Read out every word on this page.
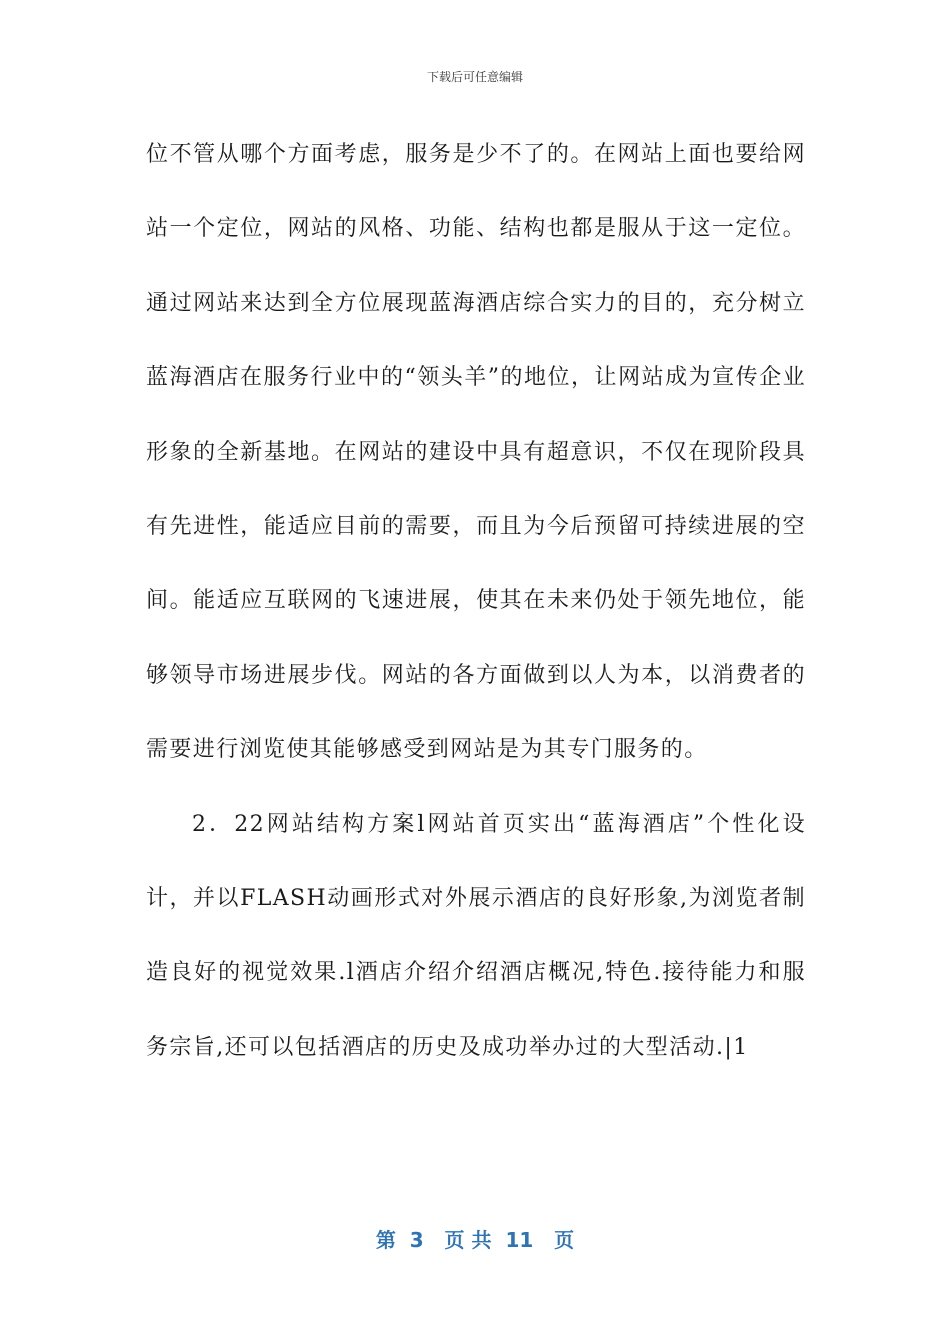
下载后可任意编辑

位不管从哪个方面考虑，服务是少不了的。在网站上面也要给网站一个定位，网站的风格、功能、结构也都是服从于这一定位。通过网站来达到全方位展现蓝海酒店综合实力的目的，充分树立蓝海酒店在服务行业中的“领头羊”的地位，让网站成为宣传企业形象的全新基地。在网站的建设中具有超意识，不仅在现阶段具有先进性，能适应目前的需要，而且为今后预留可持续进展的空间。能适应互联网的飞速进展，使其在未来仍处于领先地位，能够领导市场进展步伐。网站的各方面做到以人为本，以消费者的需要进行浏览使其能够感受到网站是为其专门服务的。

2．22网站结构方案l网站首页实出“蓝海酒店”个性化设计，并以FLASH动画形式对外展示酒店的良好形象,为浏览者制造良好的视觉效果.l酒店介绍介绍酒店概况,特色.接待能力和服务宗旨,还可以包括酒店的历史及成功举办过的大型活动.|1

第  3   页 共  11   页
